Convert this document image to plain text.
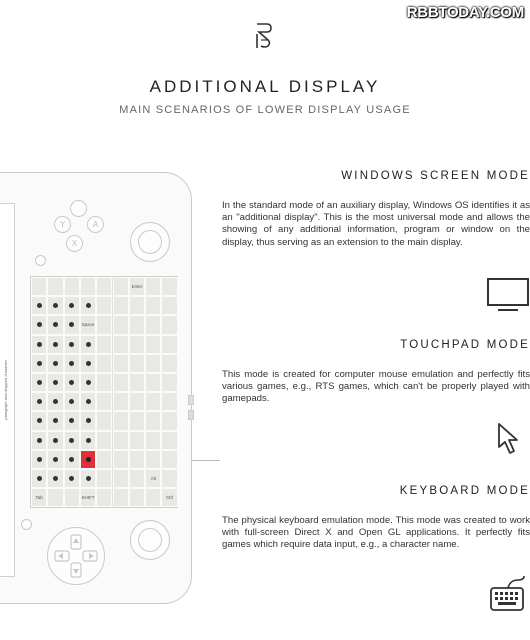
RBBTODAY.COM
ADDITIONAL DISPLAY
MAIN SCENARIOS OF LOWER DISPLAY USAGE
WINDOWS SCREEN MODE
In the standard mode of an auxiliary display, Windows OS identifies it as an "additional display". This is the most universal mode and allows the showing of any additional information, program or window on the display, thus serving as an extension to the main display.
TOUCHPAD MODE
This mode is created for computer mouse emulation and perfectly fits various games, e.g., RTS games, which can't be properly played with gamepads.
KEYBOARD MODE
The physical keyboard emulation mode. This mode was created to work with full-screen Direct X and Open GL applications. It perfectly fits games which require data input, e.g., a character name.
paragraph and dropped character
Y	A
X
Enter
Space
Tab	Ctrl
Alt
SHIFT
